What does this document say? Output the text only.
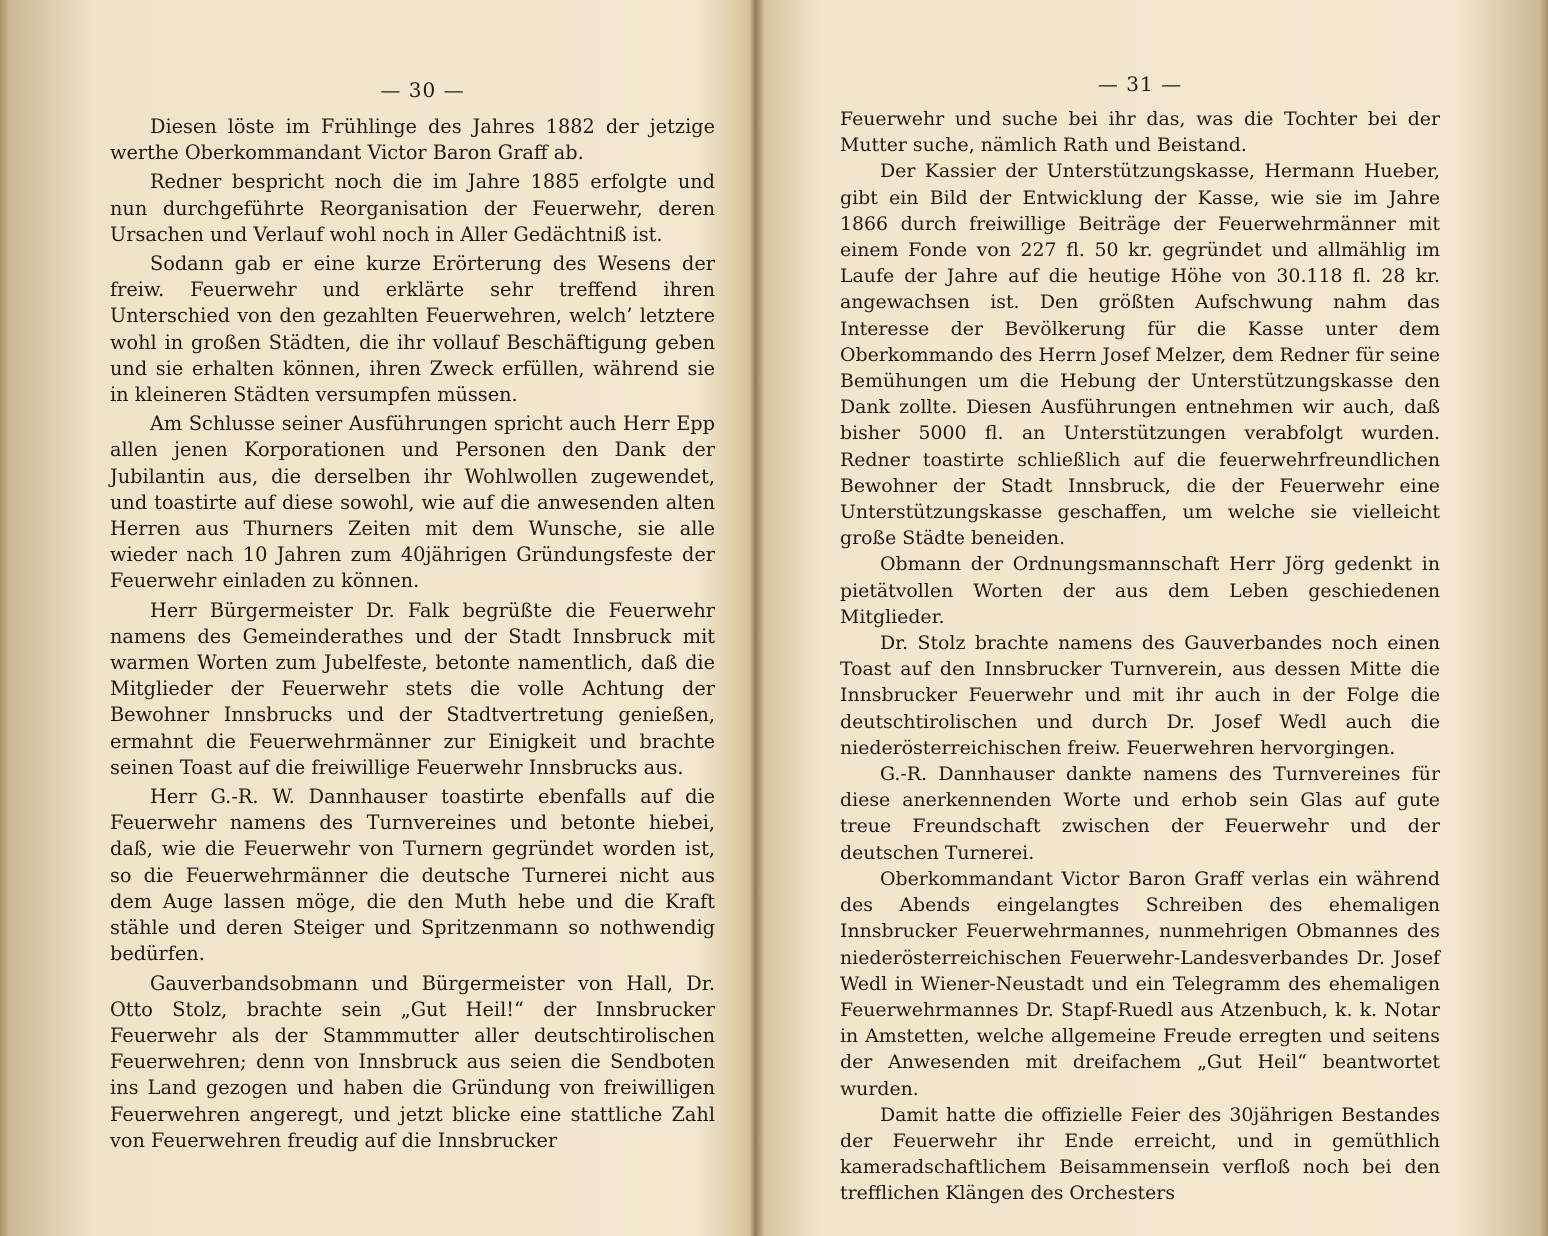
— 30 —

Diesen löste im Frühlinge des Jahres 1882 der jetzige werthe Oberkommandant Victor Baron Graff ab.

Redner bespricht noch die im Jahre 1885 erfolgte und nun durchgeführte Reorganisation der Feuerwehr, deren Ursachen und Verlauf wohl noch in Aller Gedächtniß ist.

Sodann gab er eine kurze Erörterung des Wesens der freiw. Feuerwehr und erklärte sehr treffend ihren Unterschied von den gezahlten Feuerwehren, welch’ letztere wohl in großen Städten, die ihr vollauf Beschäftigung geben und sie erhalten können, ihren Zweck erfüllen, während sie in kleineren Städten versumpfen müssen.

Am Schlusse seiner Ausführungen spricht auch Herr Epp allen jenen Korporationen und Personen den Dank der Jubilantin aus, die derselben ihr Wohlwollen zugewendet, und toastirte auf diese sowohl, wie auf die anwesenden alten Herren aus Thurners Zeiten mit dem Wunsche, sie alle wieder nach 10 Jahren zum 40jährigen Gründungsfeste der Feuerwehr einladen zu können.

Herr Bürgermeister Dr. Falk begrüßte die Feuerwehr namens des Gemeinderathes und der Stadt Innsbruck mit warmen Worten zum Jubelfeste, betonte namentlich, daß die Mitglieder der Feuerwehr stets die volle Achtung der Bewohner Innsbrucks und der Stadtvertretung genießen, ermahnt die Feuerwehrmänner zur Einigkeit und brachte seinen Toast auf die freiwillige Feuerwehr Innsbrucks aus.

Herr G.-R. W. Dannhauser toastirte ebenfalls auf die Feuerwehr namens des Turnvereines und betonte hiebei, daß, wie die Feuerwehr von Turnern gegründet worden ist, so die Feuerwehrmänner die deutsche Turnerei nicht aus dem Auge lassen möge, die den Muth hebe und die Kraft stähle und deren Steiger und Spritzenmann so nothwendig bedürfen.

Gauverbandsobmann und Bürgermeister von Hall, Dr. Otto Stolz, brachte sein „Gut Heil!“ der Innsbrucker Feuerwehr als der Stammmutter aller deutschtirolischen Feuerwehren; denn von Innsbruck aus seien die Sendboten ins Land gezogen und haben die Gründung von freiwilligen Feuerwehren angeregt, und jetzt blicke eine stattliche Zahl von Feuerwehren freudig auf die Innsbrucker

— 31 —

Feuerwehr und suche bei ihr das, was die Tochter bei der Mutter suche, nämlich Rath und Beistand.

Der Kassier der Unterstützungskasse, Hermann Hueber, gibt ein Bild der Entwicklung der Kasse, wie sie im Jahre 1866 durch freiwillige Beiträge der Feuerwehrmänner mit einem Fonde von 227 fl. 50 kr. gegründet und allmählig im Laufe der Jahre auf die heutige Höhe von 30.118 fl. 28 kr. angewachsen ist. Den größten Aufschwung nahm das Interesse der Bevölkerung für die Kasse unter dem Oberkommando des Herrn Josef Melzer, dem Redner für seine Bemühungen um die Hebung der Unterstützungskasse den Dank zollte. Diesen Ausführungen entnehmen wir auch, daß bisher 5000 fl. an Unterstützungen verabfolgt wurden. Redner toastirte schließlich auf die feuerwehrfreundlichen Bewohner der Stadt Innsbruck, die der Feuerwehr eine Unterstützungskasse geschaffen, um welche sie vielleicht große Städte beneiden.

Obmann der Ordnungsmannschaft Herr Jörg gedenkt in pietätvollen Worten der aus dem Leben geschiedenen Mitglieder.

Dr. Stolz brachte namens des Gauverbandes noch einen Toast auf den Innsbrucker Turnverein, aus dessen Mitte die Innsbrucker Feuerwehr und mit ihr auch in der Folge die deutschtirolischen und durch Dr. Josef Wedl auch die niederösterreichischen freiw. Feuerwehren hervorgingen.

G.-R. Dannhauser dankte namens des Turnvereines für diese anerkennenden Worte und erhob sein Glas auf gute treue Freundschaft zwischen der Feuerwehr und der deutschen Turnerei.

Oberkommandant Victor Baron Graff verlas ein während des Abends eingelangtes Schreiben des ehemaligen Innsbrucker Feuerwehrmannes, nunmehrigen Obmannes des niederösterreichischen Feuerwehr-Landesverbandes Dr. Josef Wedl in Wiener-Neustadt und ein Telegramm des ehemaligen Feuerwehrmannes Dr. Stapf-Ruedl aus Atzenbuch, k. k. Notar in Amstetten, welche allgemeine Freude erregten und seitens der Anwesenden mit dreifachem „Gut Heil“ beantwortet wurden.

Damit hatte die offizielle Feier des 30jährigen Bestandes der Feuerwehr ihr Ende erreicht, und in gemüthlich kameradschaftlichem Beisammensein verfloß noch bei den trefflichen Klängen des Orchesters
